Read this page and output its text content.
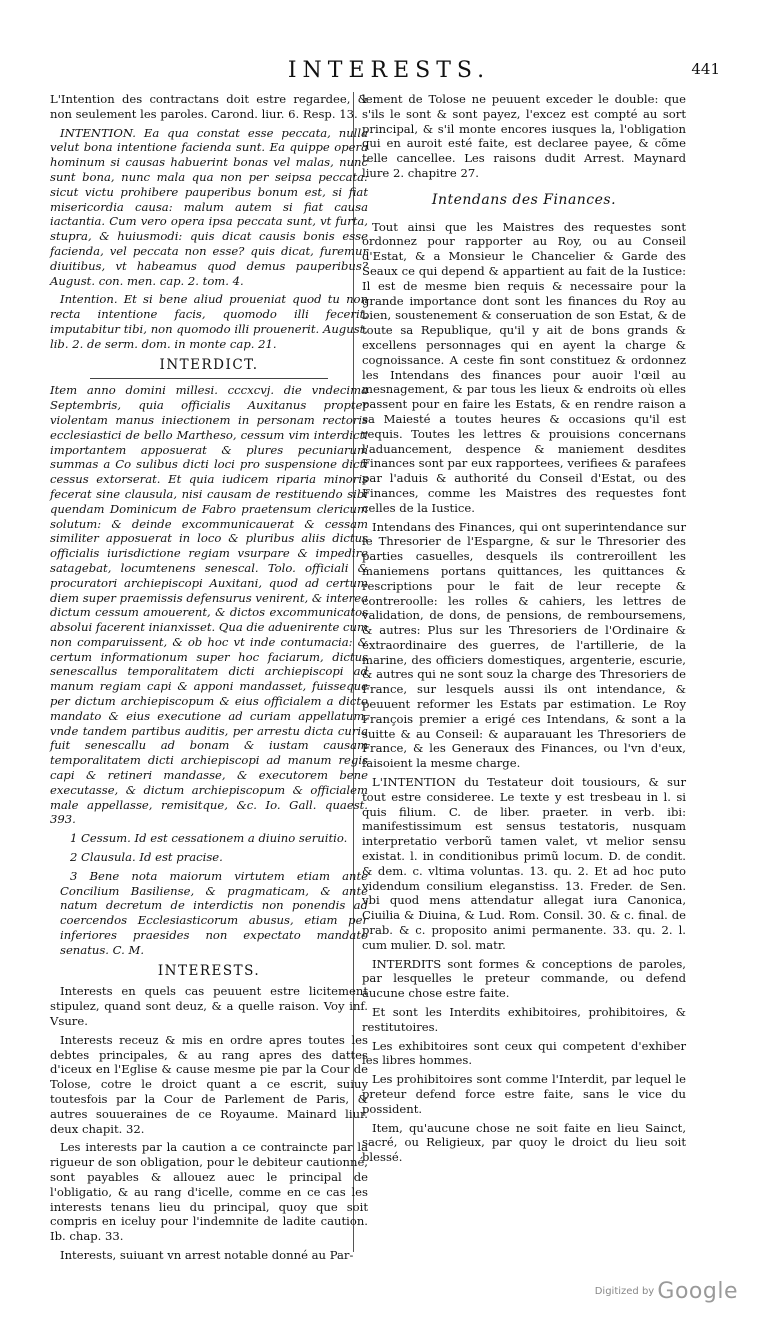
INTERESTS.	441

L'Intention des contractans doit estre regardee, & non seulement les paroles. Carond. liur. 6. Resp. 13.

INTENTION. Ea qua constat esse peccata, nulla velut bona intentione facienda sunt. Ea quippe opera hominum si causas habuerint bonas vel malas, nunc sunt bona, nunc mala qua non per seipsa peccata: sicut victu prohibere pauperibus bonum est, si fiat misericordia causa: malum autem si fiat causa iactantia. Cum vero opera ipsa peccata sunt, vt furta, stupra, & huiusmodi: quis dicat causis bonis esse facienda, vel peccata non esse? quis dicat, furemur diuitibus, vt habeamus quod demus pauperibus? August. con. men. cap. 2. tom. 4.

Intention. Et si bene aliud proueniat quod tu non recta intentione facis, quomodo illi fecerit, imputabitur tibi, non quomodo illi prouenerit. August. lib. 2. de serm. dom. in monte cap. 21.

INTERDICT.

Item anno domini millesi. cccxcvj. die vndecima Septembris, quia officialis Auxitanus propter violentam manus iniectionem in personam rectoris ecclesiastici de bello Martheso, cessum vim interdicti importantem apposuerat & plures pecuniarum summas a Co sulibus dicti loci pro suspensione dicti cessus extorserat. Et quia iudicem riparia minoris fecerat sine clausula, nisi causam de restituendo sibi quendam Dominicum de Fabro praetensum clericum solutum: & deinde excommunicauerat & cessam similiter apposuerat in loco & pluribus aliis dictus officialis iurisdictione regiam vsurpare & impedire satagebat, locumtenens senescal. Tolo. officiali & procuratori archiepiscopi Auxitani, quod ad certum diem super praemissis defensurus venirent, & interea dictum cessum amouerent, & dictos excommunicatos absolui facerent inianxisset. Qua die aduenirente cum non comparuissent, & ob hoc vt inde contumacia: & certum informationum super hoc faciarum, dictus senescallus temporalitatem dicti archiepiscopi ad manum regiam capi & apponi mandasset, fuisseque per dictum archiepiscopum & eius officialem a dicto mandato & eius executione ad curiam appellatum, vnde tandem partibus auditis, per arrestu dicta curia fuit senescallu ad bonam & iustam causam temporalitatem dicti archiepiscopi ad manum regis capi & retineri mandasse, & executorem bene executasse, & dictum archiepiscopum & officialem male appellasse, remisitque, &c. Io. Gall. quaest. 393.

1 Cessum. Id est cessationem a diuino seruitio.

2 Clausula. Id est pracise.

3 Bene nota maiorum virtutem etiam ante Concilium Basiliense, & pragmaticam, & ante natum decretum de interdictis non ponendis ad coercendos Ecclesiasticorum abusus, etiam per inferiores praesides non expectato mandato senatus. C. M.

INTERESTS.

Interests en quels cas peuuent estre licitement stipulez, quand sont deuz, & a quelle raison. Voy inf. Vsure.

Interests receuz & mis en ordre apres toutes les debtes principales, & au rang apres des dattes d'iceux en l'Eglise & cause mesme pie par la Cour de Tolose, cotre le droict quant a ce escrit, suiuy toutesfois par la Cour de Parlement de Paris, & autres souueraines de ce Royaume. Mainard liur. deux chapit. 32.

Les interests par la caution a ce contrainctе par la rigueur de son obligation, pour le debiteur cautionné, sont payables & allouez auec le principal de l'obligatio, & au rang d'icelle, comme en ce cas les interests tenans lieu du principal, quoy que soit compris en iceluy pour l'indemnite de ladite caution. Ib. chap. 33.

Interests, suiuant vn arrest notable donné au Par-

lement de Tolose ne peuuent exceder le double: que s'ils le sont & sont payez, l'excez est compté au sort principal, & s'il monte encores iusques la, l'obligation qui en auroit esté faite, est declaree payee, & cõme telle cancellee. Les raisons dudit Arrest. Maynard liure 2. chapitre 27.

Intendans des Finances.

Tout ainsi que les Maistres des requestes sont ordonnez pour rapporter au Roy, ou au Conseil d'Estat, & a Monsieur le Chancelier & Garde des Seaux ce qui depend & appartient au fait de la Iustice: Il est de mesme bien requis & necessaire pour la grande importance dont sont les finances du Roy au bien, soustenement & conseruation de son Estat, & de toute sa Republique, qu'il y ait de bons grands & excellens personnages qui en ayent la charge & cognoissance. A ceste fin sont constituez & ordonnez les Intendans des finances pour auoir l'œil au mesnagement, & par tous les lieux & endroits où elles passent pour en faire les Estats, & en rendre raison a sa Maiesté a toutes heures & occasions qu'il est requis. Toutes les lettres & prouisions concernans l'aduancement, despence & maniement desdites Finances sont par eux rapportees, verifiees & parafees par l'aduis & authorité du Conseil d'Estat, ou des Finances, comme les Maistres des requestes font celles de la Iustice.

Intendans des Finances, qui ont superintendance sur le Thresorier de l'Espargne, & sur le Thresorier des parties casuelles, desquels ils contreroillent les maniemens portans quittances, les quittances & rescriptions pour le fait de leur recepte & contreroolle: les rolles & cahiers, les lettres de validation, de dons, de pensions, de remboursemens, & autres: Plus sur les Thresoriers de l'Ordinaire & extraordinaire des guerres, de l'artillerie, de la marine, des officiers domestiques, argenterie, escurie, & autres qui ne sont souz la charge des Thresoriers de France, sur lesquels aussi ils ont intendance, & peuuent reformer les Estats par estimation. Le Roy François premier a erigé ces Intendans, & sont a la suitte & au Conseil: & auparauant les Thresoriers de France, & les Generaux des Finances, ou l'vn d'eux, faisoient la mesme charge.

L'INTENTION du Testateur doit tousiours, & sur tout estre consideree. Le texte y est tresbeau in l. si quis filium. C. de liber. praeter. in verb. ibi: manifestissimum est sensus testatoris, nusquam interpretatio verborũ tamen valet, vt melior sensu existat. l. in conditionibus primũ locum. D. de condit. & dem. c. vltima voluntas. 13. qu. 2. Et ad hoc puto videndum consilium eleganstiss. 13. Freder. de Sen. vbi quod mens attendatur allegat iura Canonica, Ciuilia & Diuina, & Lud. Rom. Consil. 30. & c. final. de prab. & c. proposito animi permanente. 33. qu. 2. l. cum mulier. D. sol. matr.

INTERDITS sont formes & conceptions de paroles, par lesquelles le preteur commande, ou defend aucune chose estre faite.

Et sont les Interdits exhibitoires, prohibitoires, & restitutoires.

Les exhibitoires sont ceux qui competent d'exhiber les libres hommes.

Les prohibitoires sont comme l'Interdit, par lequel le preteur defend force estre faite, sans le vice du possident.

Item, qu'aucune chose ne soit faite en lieu Sainct, sacré, ou Religieux, par quoy le droict du lieu soit blessé.

Digitized by Google
